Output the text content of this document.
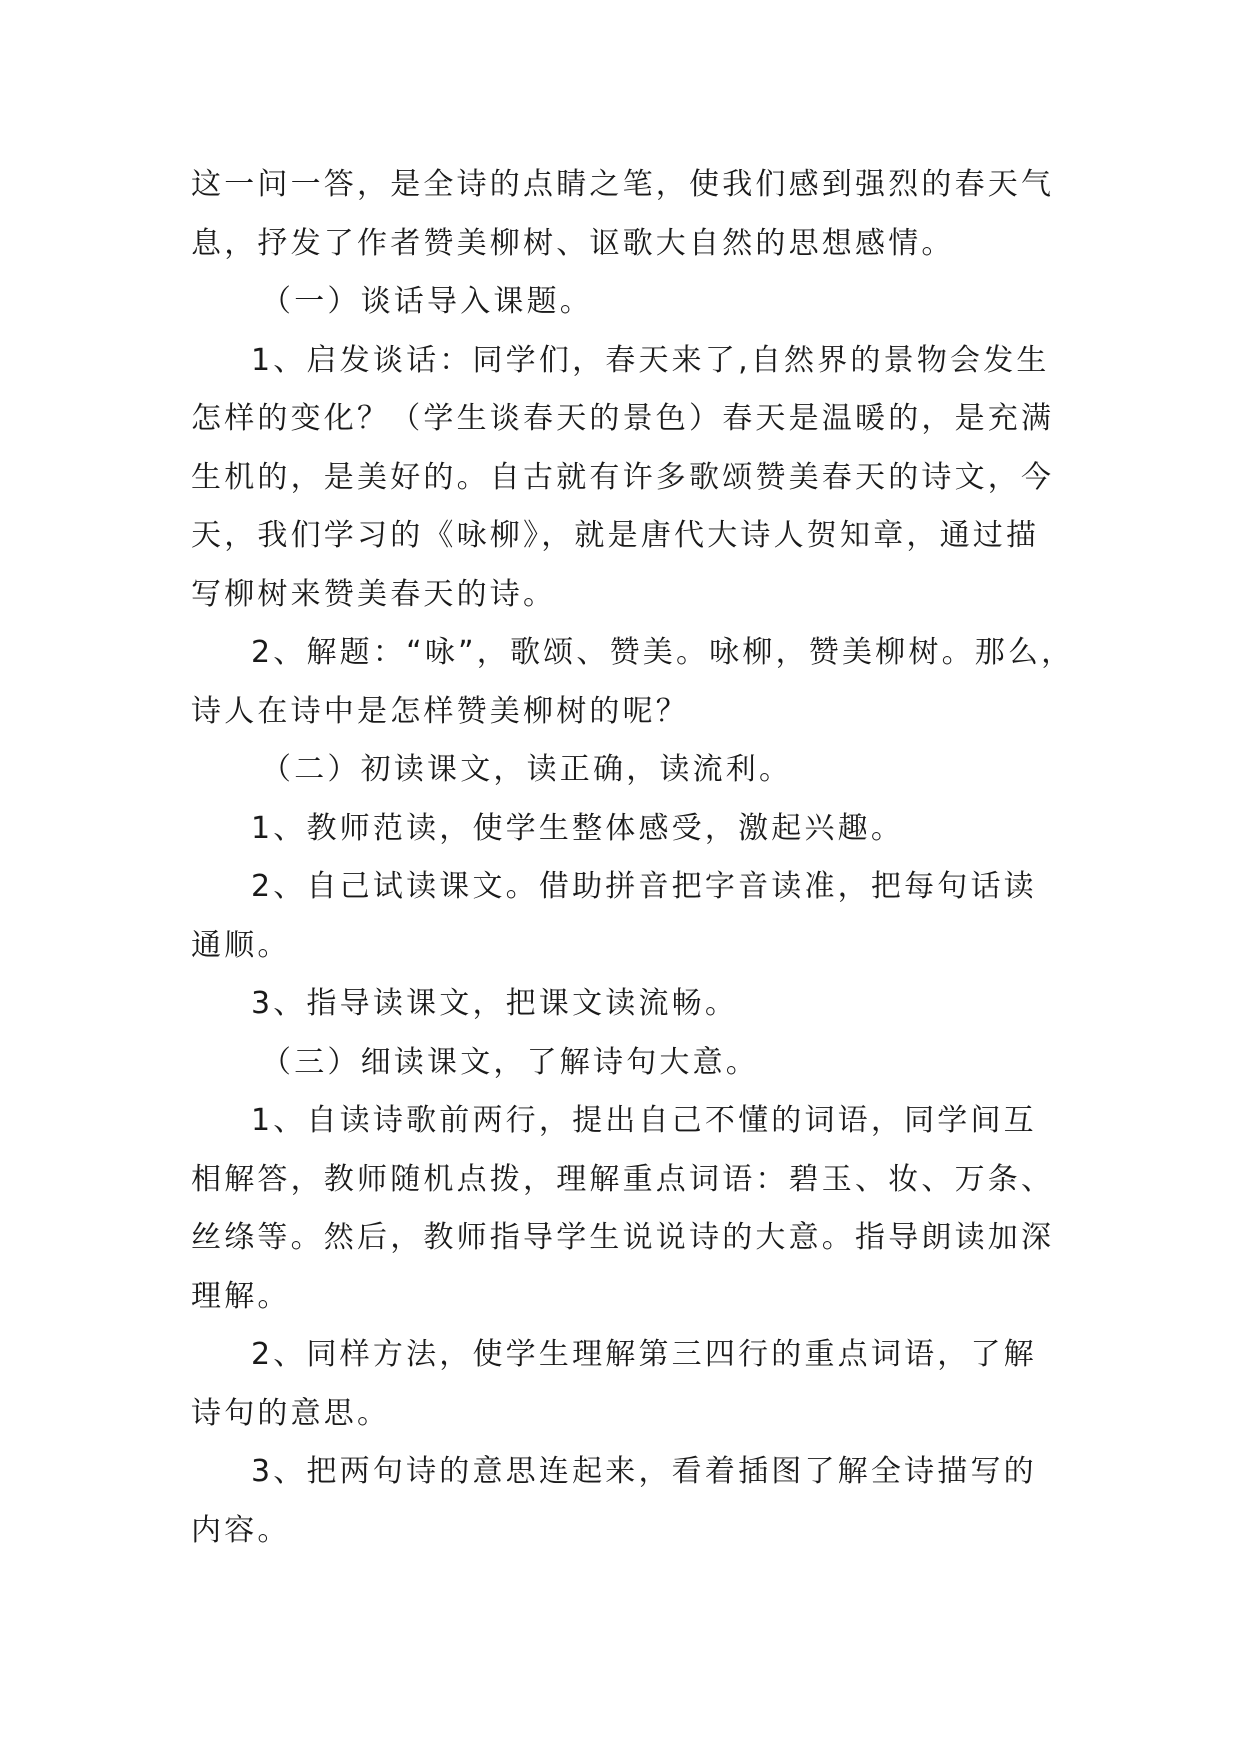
这一问一答，是全诗的点睛之笔，使我们感到强烈的春天气
息，抒发了作者赞美柳树、讴歌大自然的思想感情。
（一）谈话导入课题。
1、启发谈话：同学们，春天来了,自然界的景物会发生
怎样的变化？（学生谈春天的景色）春天是温暖的，是充满
生机的，是美好的。自古就有许多歌颂赞美春天的诗文，今
天，我们学习的《咏柳》，就是唐代大诗人贺知章，通过描
写柳树来赞美春天的诗。
2、解题：“咏”，歌颂、赞美。咏柳，赞美柳树。那么，
诗人在诗中是怎样赞美柳树的呢？
（二）初读课文，读正确，读流利。
1、教师范读，使学生整体感受，激起兴趣。
2、自己试读课文。借助拼音把字音读准，把每句话读
通顺。
3、指导读课文，把课文读流畅。
（三）细读课文，了解诗句大意。
1、自读诗歌前两行，提出自己不懂的词语，同学间互
相解答，教师随机点拨，理解重点词语：碧玉、妆、万条、
丝绦等。然后，教师指导学生说说诗的大意。指导朗读加深
理解。
2、同样方法，使学生理解第三四行的重点词语，了解
诗句的意思。
3、把两句诗的意思连起来，看着插图了解全诗描写的
内容。
